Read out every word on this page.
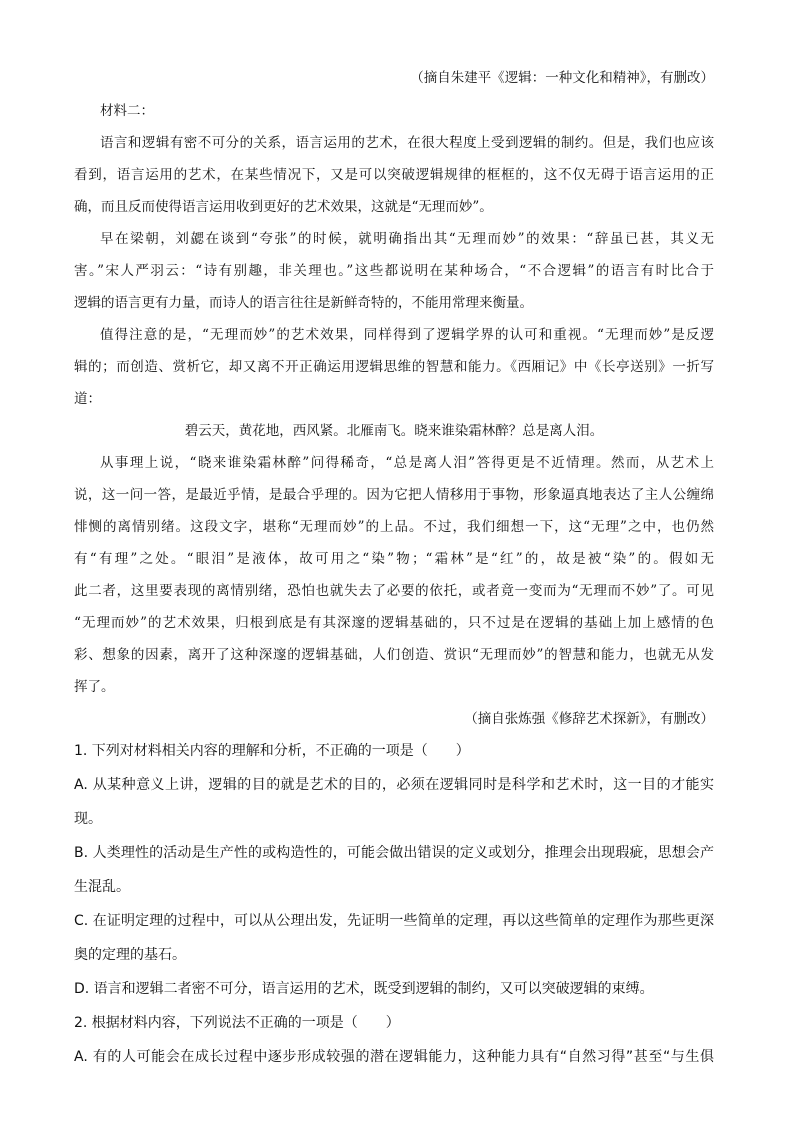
（摘自朱建平《逻辑：一种文化和精神》，有删改）
材料二：
语言和逻辑有密不可分的关系，语言运用的艺术，在很大程度上受到逻辑的制约。但是，我们也应该
看到，语言运用的艺术，在某些情况下，又是可以突破逻辑规律的框框的，这不仅无碍于语言运用的正
确，而且反而使得语言运用收到更好的艺术效果，这就是“无理而妙”。
早在梁朝，刘勰在谈到“夸张”的时候，就明确指出其“无理而妙”的效果：“辞虽已甚，其义无
害。”宋人严羽云：“诗有别趣，非关理也。”这些都说明在某种场合，“不合逻辑”的语言有时比合于
逻辑的语言更有力量，而诗人的语言往往是新鲜奇特的，不能用常理来衡量。
值得注意的是，“无理而妙”的艺术效果，同样得到了逻辑学界的认可和重视。“无理而妙”是反逻
辑的；而创造、赏析它，却又离不开正确运用逻辑思维的智慧和能力。《西厢记》中《长亭送别》一折写
道：
碧云天，黄花地，西风紧。北雁南飞。晓来谁染霜林醉？总是离人泪。
从事理上说，“晓来谁染霜林醉”问得稀奇，“总是离人泪”答得更是不近情理。然而，从艺术上
说，这一问一答，是最近乎情，是最合乎理的。因为它把人情移用于事物，形象逼真地表达了主人公缠绵
悱恻的离情别绪。这段文字，堪称“无理而妙”的上品。不过，我们细想一下，这“无理”之中，也仍然
有“有理”之处。“眼泪”是液体，故可用之“染”物；“霜林”是“红”的，故是被“染”的。假如无
此二者，这里要表现的离情别绪，恐怕也就失去了必要的依托，或者竟一变而为“无理而不妙”了。可见
“无理而妙”的艺术效果，归根到底是有其深邃的逻辑基础的，只不过是在逻辑的基础上加上感情的色
彩、想象的因素，离开了这种深邃的逻辑基础，人们创造、赏识“无理而妙”的智慧和能力，也就无从发
挥了。
（摘自张炼强《修辞艺术探新》，有删改）
1. 下列对材料相关内容的理解和分析，不正确的一项是（　　）
A. 从某种意义上讲，逻辑的目的就是艺术的目的，必须在逻辑同时是科学和艺术时，这一目的才能实
现。
B. 人类理性的活动是生产性的或构造性的，可能会做出错误的定义或划分，推理会出现瑕疵，思想会产
生混乱。
C. 在证明定理的过程中，可以从公理出发，先证明一些简单的定理，再以这些简单的定理作为那些更深
奥的定理的基石。
D. 语言和逻辑二者密不可分，语言运用的艺术，既受到逻辑的制约，又可以突破逻辑的束缚。
2. 根据材料内容，下列说法不正确的一项是（　　）
A. 有的人可能会在成长过程中逐步形成较强的潜在逻辑能力，这种能力具有“自然习得”甚至“与生俱
